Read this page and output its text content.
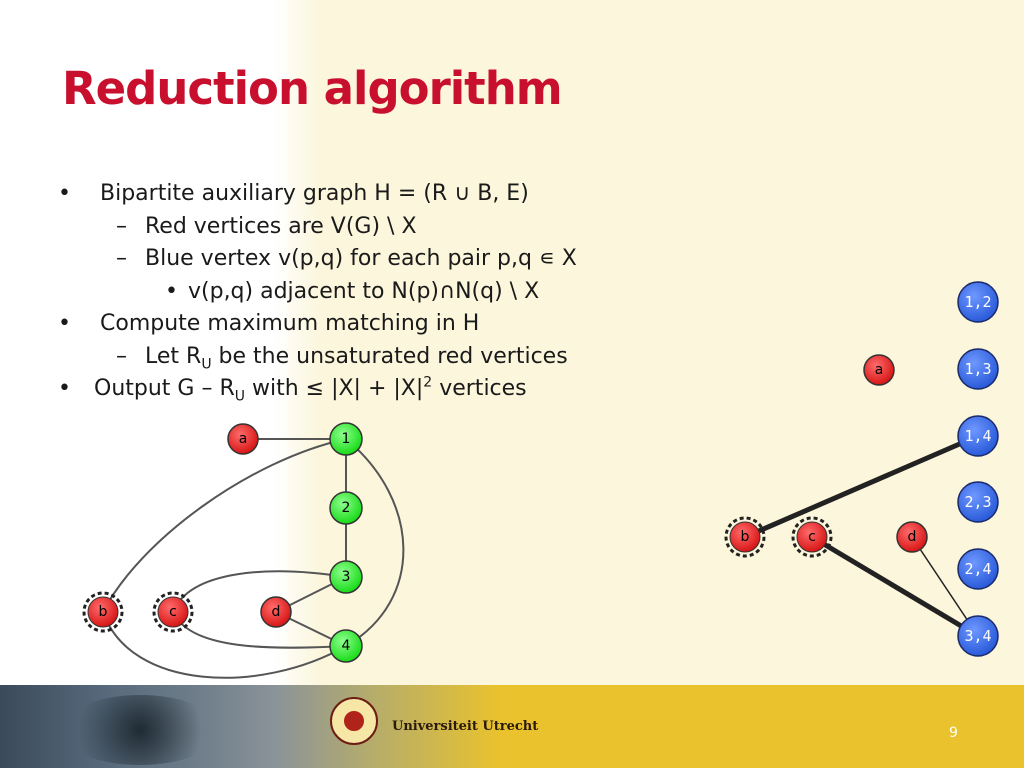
Reduction algorithm
• Bipartite auxiliary graph H = (R ∪ B, E)
– Red vertices are V(G) \ X
– Blue vertex v(p,q) for each pair p,q ∊ X
• v(p,q) adjacent to N(p)∩N(q) \ X
• Compute maximum matching in H
– Let $R_U$ be the unsaturated red vertices
• Output G – $R_U$ with ≤ $|X| + |X|^2$ vertices
a
b	c	d
1
2
3
4
a
b	c	d
1,2
1,3
1,4
2,3
2,4
3,4
Universiteit Utrecht	9
